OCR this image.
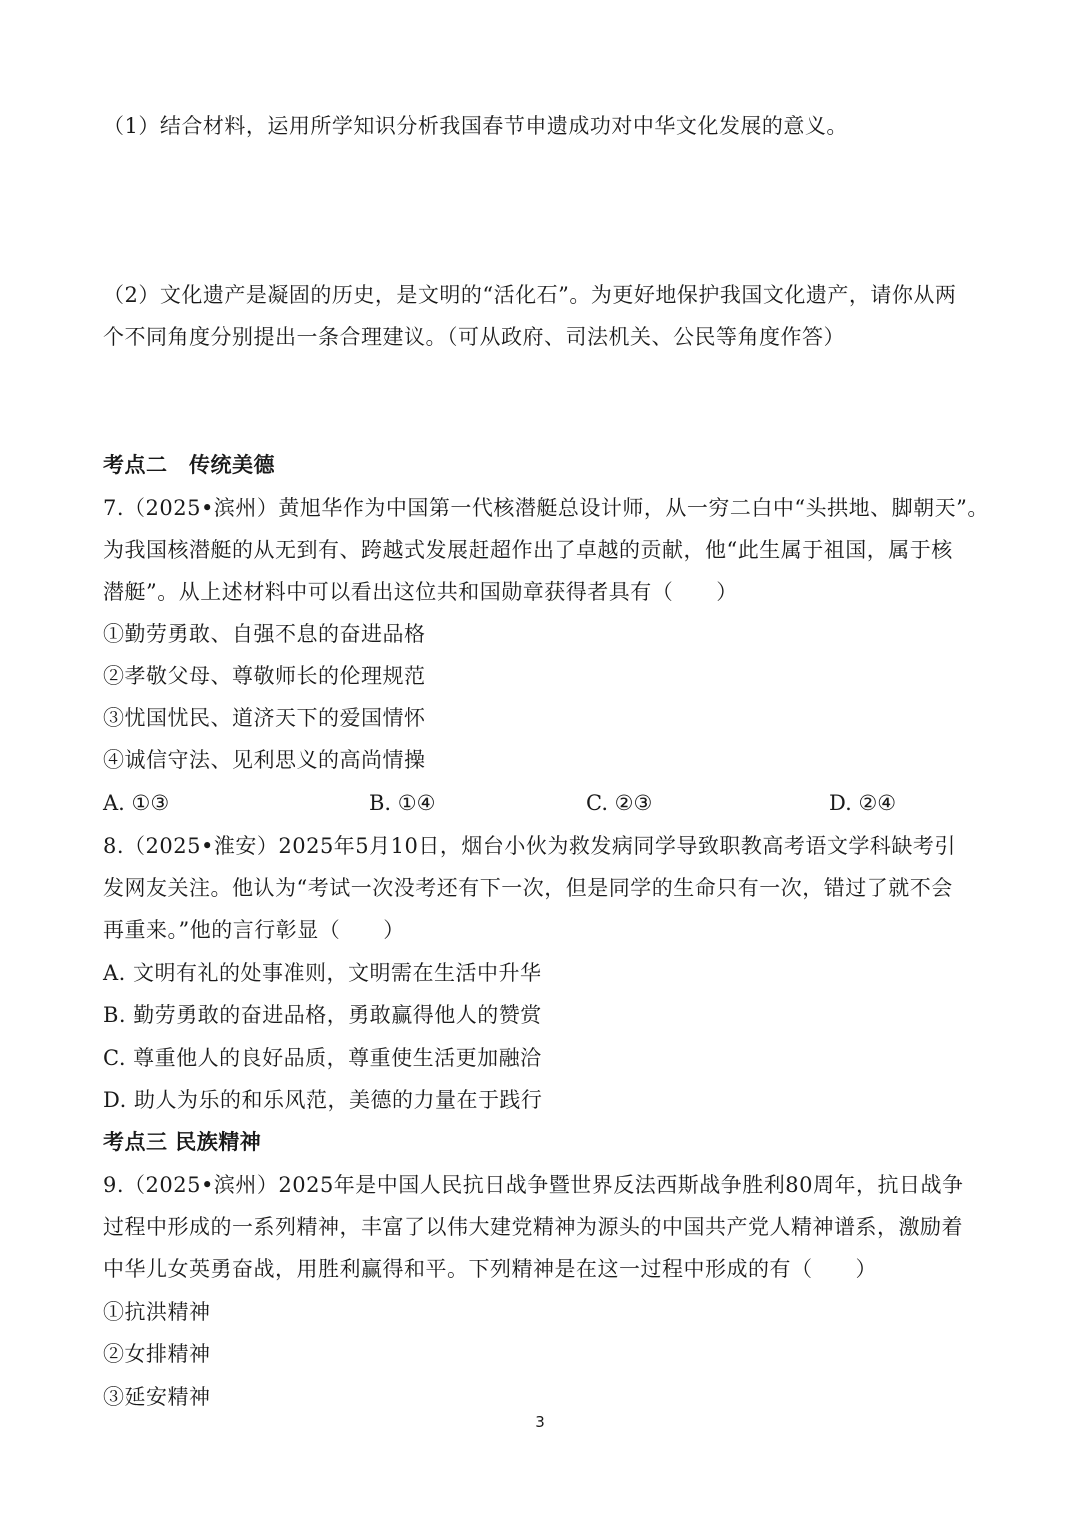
（1）结合材料，运用所学知识分析我国春节申遗成功对中华文化发展的意义。
（2）文化遗产是凝固的历史，是文明的“活化石”。为更好地保护我国文化遗产，请你从两
个不同角度分别提出一条合理建议。（可从政府、司法机关、公民等角度作答）
考点二　传统美德
7.（2025•滨州）黄旭华作为中国第一代核潜艇总设计师，从一穷二白中“头拱地、脚朝天”。
为我国核潜艇的从无到有、跨越式发展赶超作出了卓越的贡献，他“此生属于祖国，属于核
潜艇”。从上述材料中可以看出这位共和国勋章获得者具有（　　）
①勤劳勇敢、自强不息的奋进品格
②孝敬父母、尊敬师长的伦理规范
③忧国忧民、道济天下的爱国情怀
④诚信守法、见利思义的高尚情操
A. ①③	B. ①④	C. ②③	D. ②④
8.（2025•淮安）2025年5月10日，烟台小伙为救发病同学导致职教高考语文学科缺考引
发网友关注。他认为“考试一次没考还有下一次，但是同学的生命只有一次，错过了就不会
再重来。”他的言行彰显（　　）
A. 文明有礼的处事准则，文明需在生活中升华
B. 勤劳勇敢的奋进品格，勇敢赢得他人的赞赏
C. 尊重他人的良好品质，尊重使生活更加融洽
D. 助人为乐的和乐风范，美德的力量在于践行
考点三 民族精神
9.（2025•滨州）2025年是中国人民抗日战争暨世界反法西斯战争胜利80周年，抗日战争
过程中形成的一系列精神，丰富了以伟大建党精神为源头的中国共产党人精神谱系，激励着
中华儿女英勇奋战，用胜利赢得和平。下列精神是在这一过程中形成的有（　　）
①抗洪精神
②女排精神
③延安精神
3
